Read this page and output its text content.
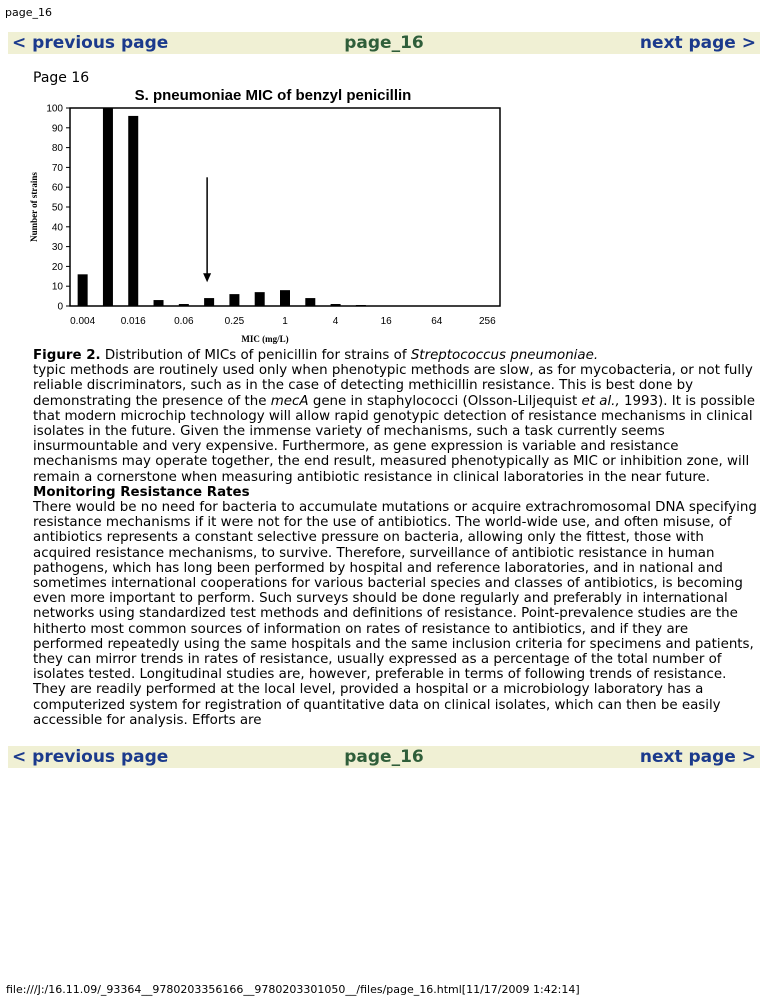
page_16
< previous page	page_16	next page >
Page 16
S. pneumoniae MIC of benzyl penicillin
0
10
20
30
40
50
60
70
80
90
100
0.004	0.016	0.06	0.25	1	4	16	64	256
MIC (mg/L)
Number of strains

Figure 2. Distribution of MICs of penicillin for strains of Streptococcus pneumoniae.

typic methods are routinely used only when phenotypic methods are slow, as for mycobacteria, or not fully reliable discriminators, such as in the case of detecting methicillin resistance. This is best done by demonstrating the presence of the mecA gene in staphylococci (Olsson-Liljequist et al., 1993). It is possible that modern microchip technology will allow rapid genotypic detection of resistance mechanisms in clinical isolates in the future. Given the immense variety of mechanisms, such a task currently seems insurmountable and very expensive. Furthermore, as gene expression is variable and resistance mechanisms may operate together, the end result, measured phenotypically as MIC or inhibition zone, will remain a cornerstone when measuring antibiotic resistance in clinical laboratories in the near future.

Monitoring Resistance Rates

There would be no need for bacteria to accumulate mutations or acquire extrachromosomal DNA specifying resistance mechanisms if it were not for the use of antibiotics. The world-wide use, and often misuse, of antibiotics represents a constant selective pressure on bacteria, allowing only the fittest, those with acquired resistance mechanisms, to survive. Therefore, surveillance of antibiotic resistance in human pathogens, which has long been performed by hospital and reference laboratories, and in national and sometimes international cooperations for various bacterial species and classes of antibiotics, is becoming even more important to perform. Such surveys should be done regularly and preferably in international networks using standardized test methods and definitions of resistance. Point-prevalence studies are the hitherto most common sources of information on rates of resistance to antibiotics, and if they are performed repeatedly using the same hospitals and the same inclusion criteria for specimens and patients, they can mirror trends in rates of resistance, usually expressed as a percentage of the total number of isolates tested. Longitudinal studies are, however, preferable in terms of following trends of resistance. They are readily performed at the local level, provided a hospital or a microbiology laboratory has a computerized system for registration of quantitative data on clinical isolates, which can then be easily accessible for analysis. Efforts are

< previous page	page_16	next page >
file:///J:/16.11.09/_93364__9780203356166__9780203301050__/files/page_16.html[11/17/2009 1:42:14]
